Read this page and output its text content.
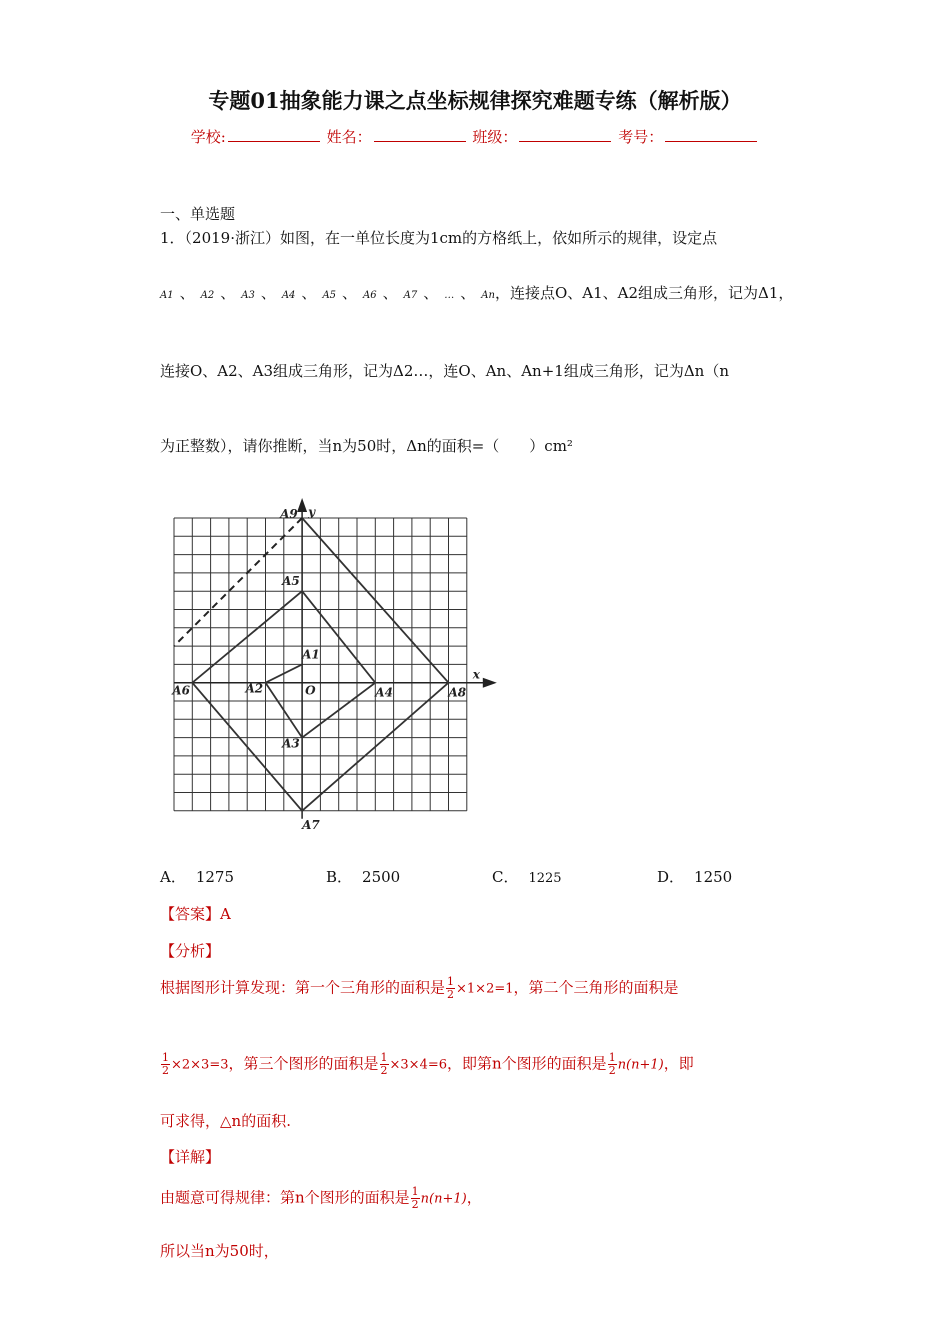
专题01抽象能力课之点坐标规律探究难题专练（解析版）
学校:	姓名：	班级：	考号：
一、单选题
1．（2019·浙江）如图，在一单位长度为1cm的方格纸上，依如所示的规律，设定点
A1 、 A2 、 A3 、 A4 、 A5 、 A6 、 A7 、 … 、 An，连接点O、A1、A2组成三角形，记为Δ1，
连接O、A2、A3组成三角形，记为Δ2…，连O、An、An+1组成三角形，记为Δn（n
为正整数），请你推断，当n为50时，Δn的面积=（　　）cm²
A9 y
A5
A1
A2	O	A4
A6	A8
A3
A7
x
A． 1275	B． 2500	C． 1225	D． 1250
【答案】A
【分析】
根据图形计算发现：第一个三角形的面积是 $\frac{1}{2} \times 1\times 2=1$，第二个三角形的面积是
$\frac{1}{2} \times 2\times 3=3$，第三个图形的面积是 $\frac{1}{2} \times 3\times 4=6$，即第n个图形的面积是 $\frac{1}{2} n(n+1)$，即
可求得，△n的面积.
【详解】
由题意可得规律：第n个图形的面积是 $\frac{1}{2} n(n+1)$，
所以当n为50时，
